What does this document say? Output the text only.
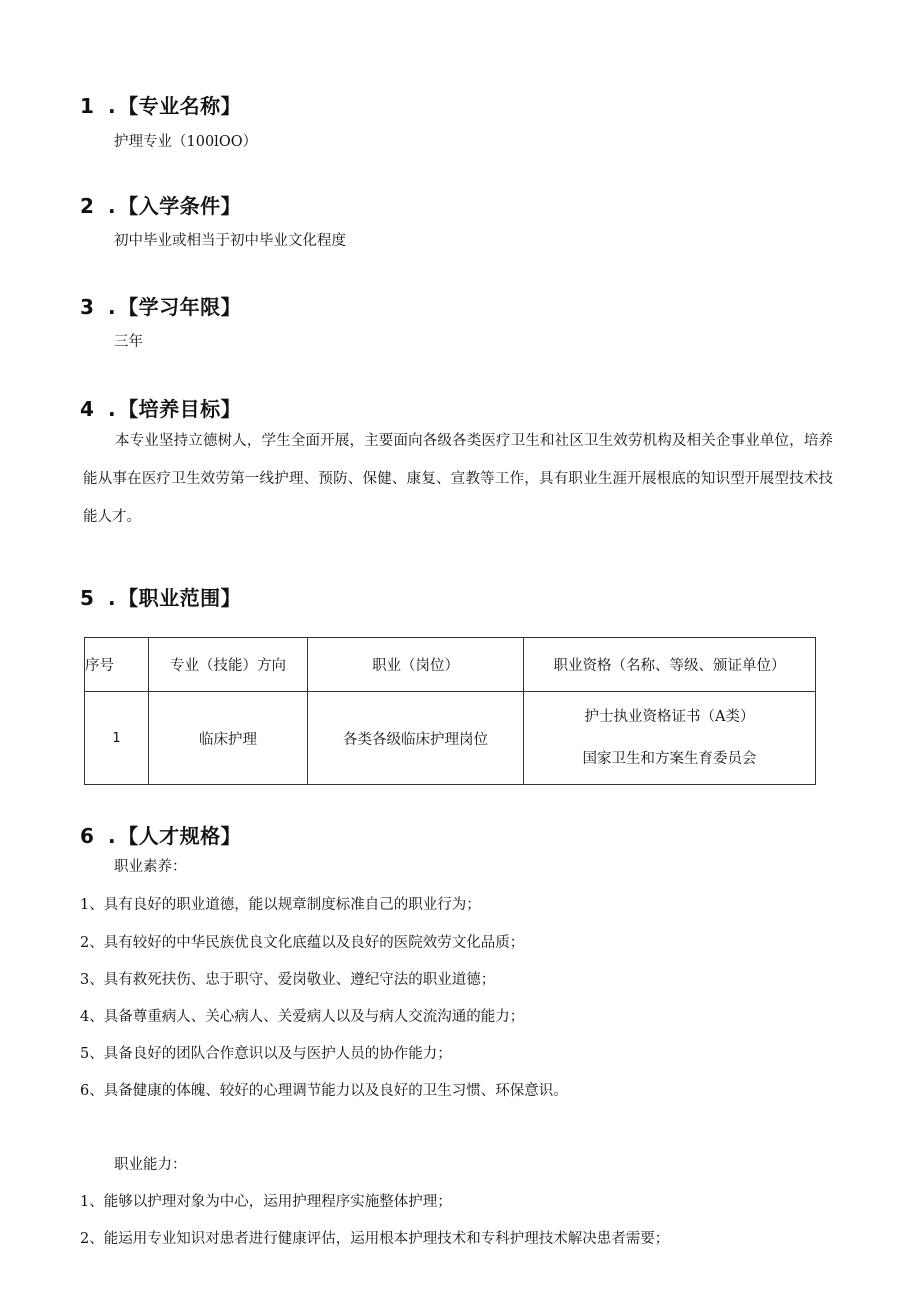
1 . 【专业名称】

护理专业（100lOO）

2 . 【入学条件】

初中毕业或相当于初中毕业文化程度

3 . 【学习年限】

三年

4 . 【培养目标】

本专业坚持立德树人，学生全面开展，主要面向各级各类医疗卫生和社区卫生效劳机构及相关企事业单位，培养能从事在医疗卫生效劳第一线护理、预防、保健、康复、宣教等工作，具有职业生涯开展根底的知识型开展型技术技能人才。

5 . 【职业范围】
序号	专业（技能）方向	职业（岗位）	职业资格（名称、等级、颁证单位）
1	临床护理	各类各级临床护理岗位	护士执业资格证书（A类）
国家卫生和方案生育委员会
6 . 【人才规格】

职业素养：

1、具有良好的职业道德，能以规章制度标准自己的职业行为；

2、具有较好的中华民族优良文化底蕴以及良好的医院效劳文化品质；

3、具有救死扶伤、忠于职守、爱岗敬业、遵纪守法的职业道德；

4、具备尊重病人、关心病人、关爱病人以及与病人交流沟通的能力；

5、具备良好的团队合作意识以及与医护人员的协作能力；

6、具备健康的体魄、较好的心理调节能力以及良好的卫生习惯、环保意识。

职业能力：

1、能够以护理对象为中心，运用护理程序实施整体护理；

2、能运用专业知识对患者进行健康评估，运用根本护理技术和专科护理技术解决患者需要；
